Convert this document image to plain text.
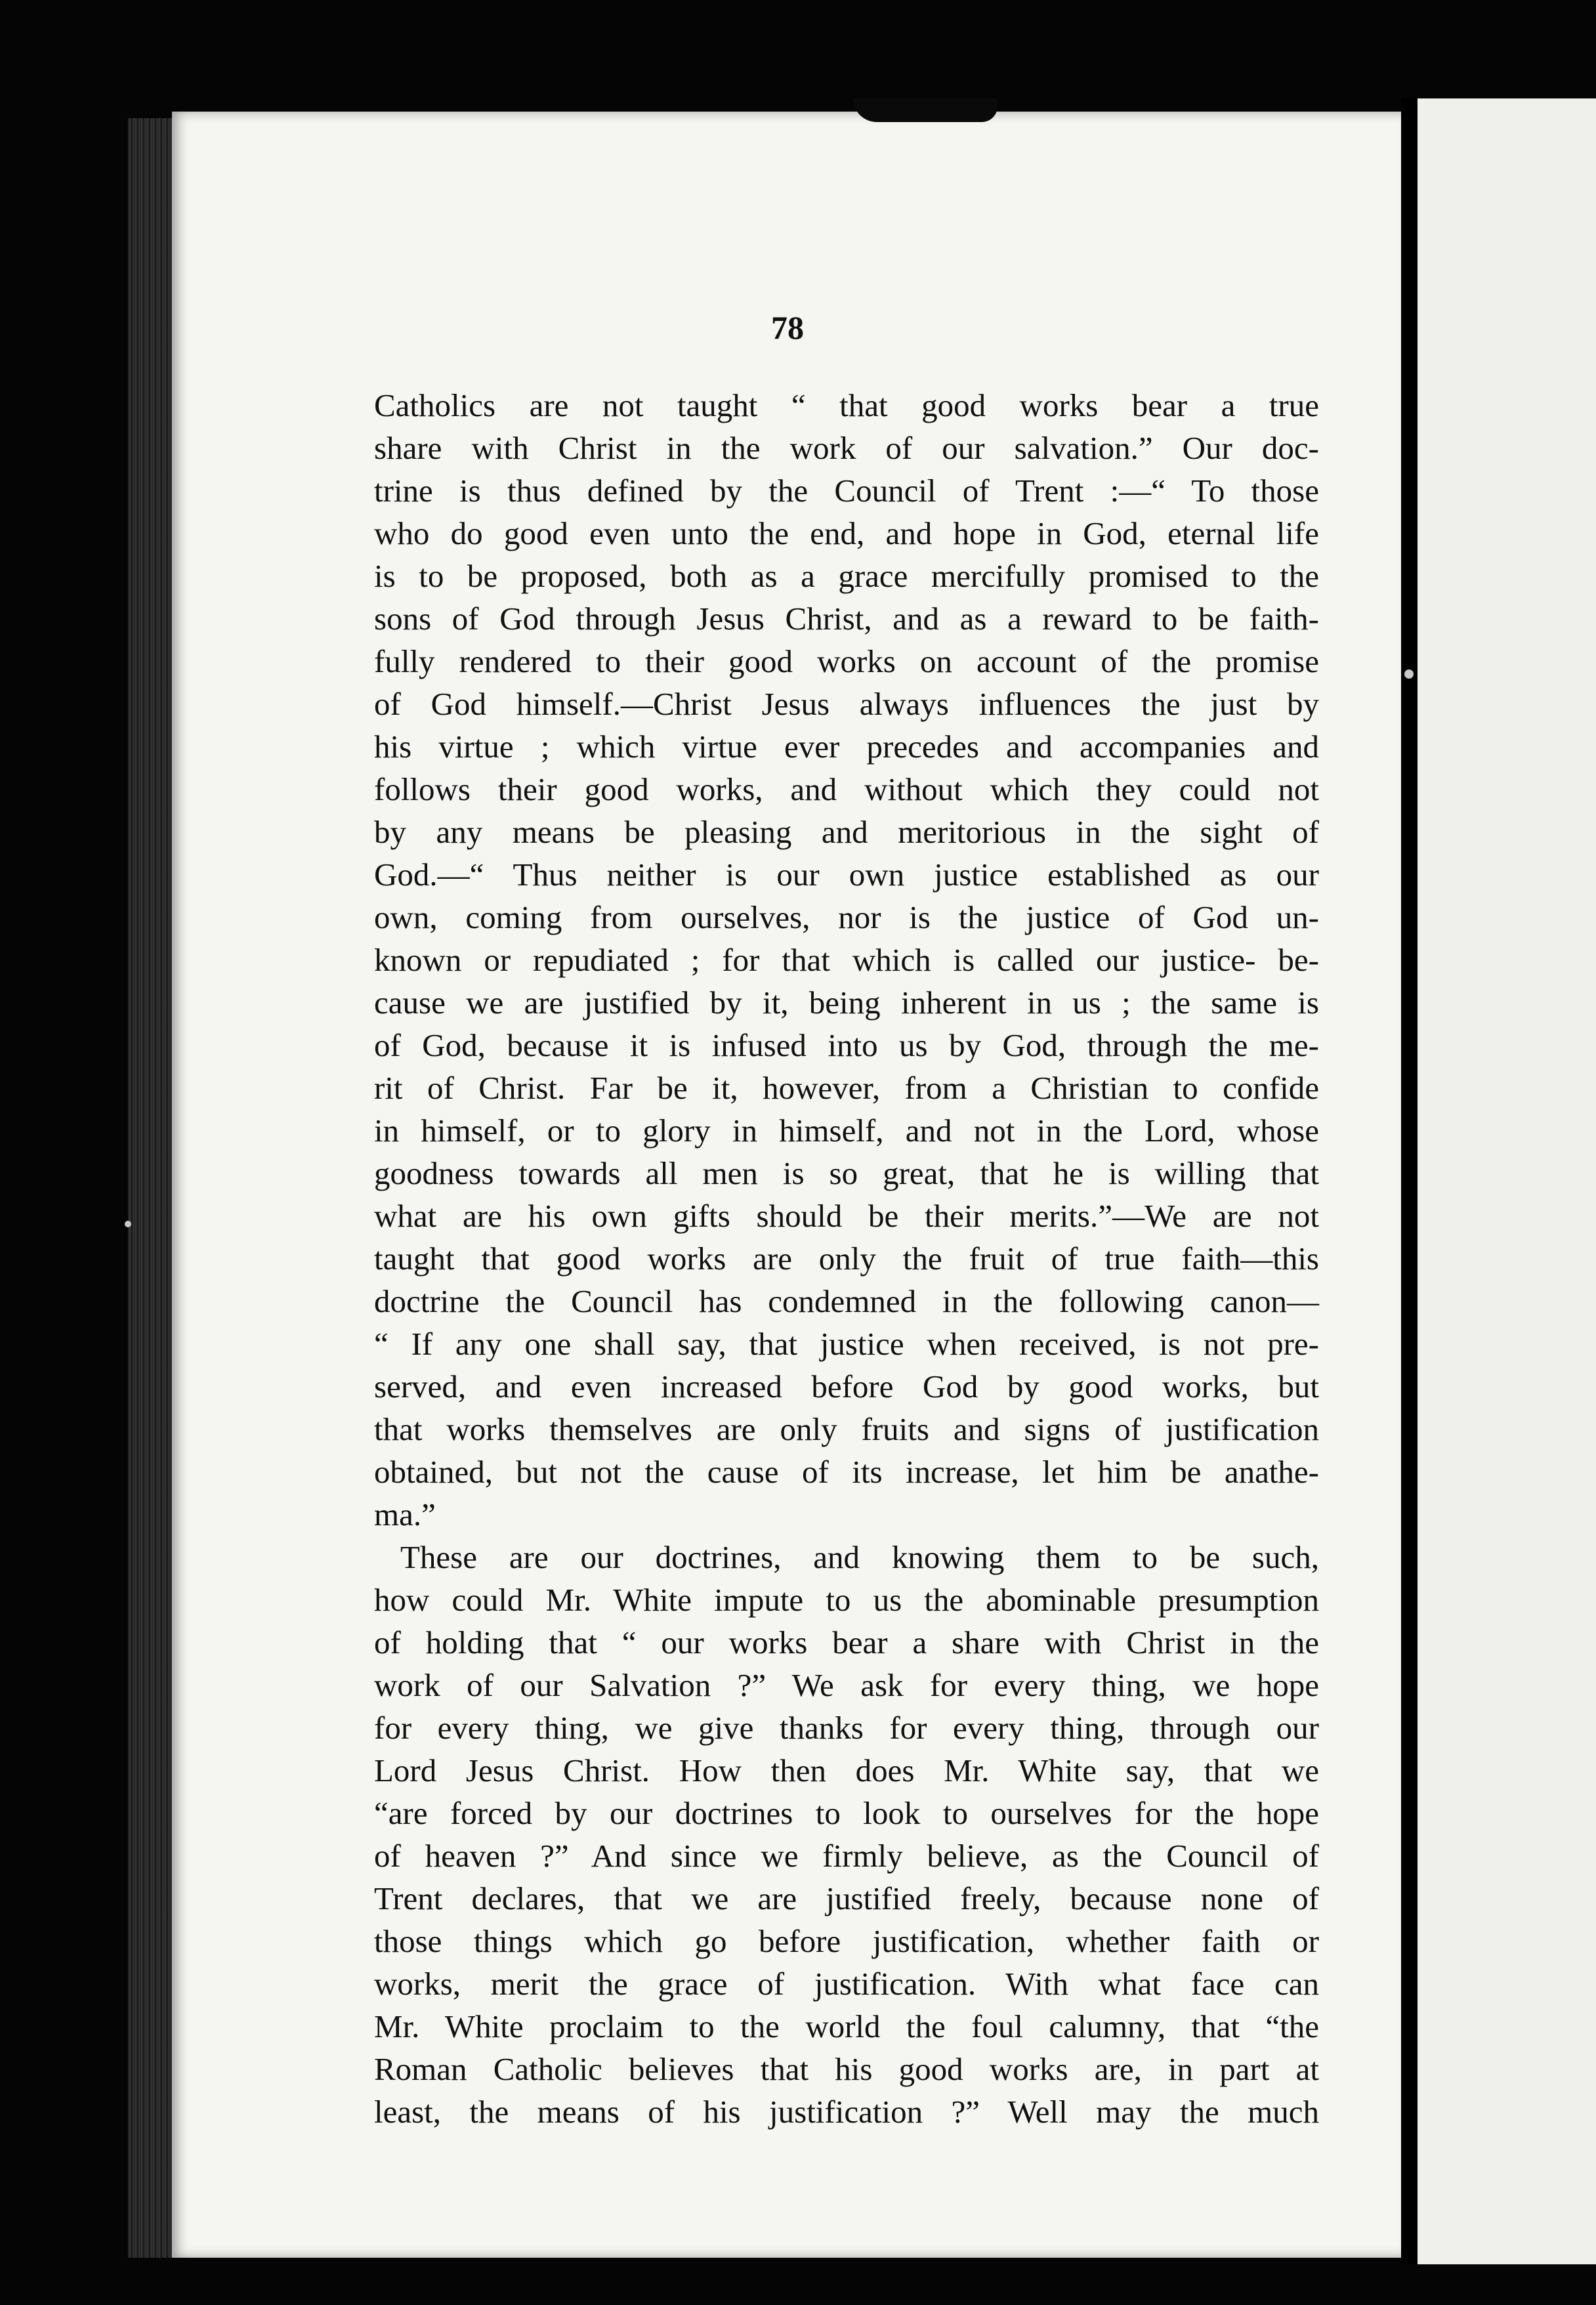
78
Catholics are not taught “ that good works bear a true
share with Christ in the work of our salvation.” Our doc-
trine is thus defined by the Council of Trent :—“ To those
who do good even unto the end, and hope in God, eternal life
is to be proposed, both as a grace mercifully promised to the
sons of God through Jesus Christ, and as a reward to be faith-
fully rendered to their good works on account of the promise
of God himself.—Christ Jesus always influences the just by
his virtue ; which virtue ever precedes and accompanies and
follows their good works, and without which they could not
by any means be pleasing and meritorious in the sight of
God.—“ Thus neither is our own justice established as our
own, coming from ourselves, nor is the justice of God un-
known or repudiated ; for that which is called our justice- be-
cause we are justified by it, being inherent in us ; the same is
of God, because it is infused into us by God, through the me-
rit of Christ. Far be it, however, from a Christian to confide
in himself, or to glory in himself, and not in the Lord, whose
goodness towards all men is so great, that he is willing that
what are his own gifts should be their merits.”—We are not
taught that good works are only the fruit of true faith—this
doctrine the Council has condemned in the following canon—
“ If any one shall say, that justice when received, is not pre-
served, and even increased before God by good works, but
that works themselves are only fruits and signs of justification
obtained, but not the cause of its increase, let him be anathe-
ma.”
These are our doctrines, and knowing them to be such,
how could Mr. White impute to us the abominable presumption
of holding that “ our works bear a share with Christ in the
work of our Salvation ?” We ask for every thing, we hope
for every thing, we give thanks for every thing, through our
Lord Jesus Christ. How then does Mr. White say, that we
“are forced by our doctrines to look to ourselves for the hope
of heaven ?” And since we firmly believe, as the Council of
Trent declares, that we are justified freely, because none of
those things which go before justification, whether faith or
works, merit the grace of justification. With what face can
Mr. White proclaim to the world the foul calumny, that “the
Roman Catholic believes that his good works are, in part at
least, the means of his justification ?” Well may the much
